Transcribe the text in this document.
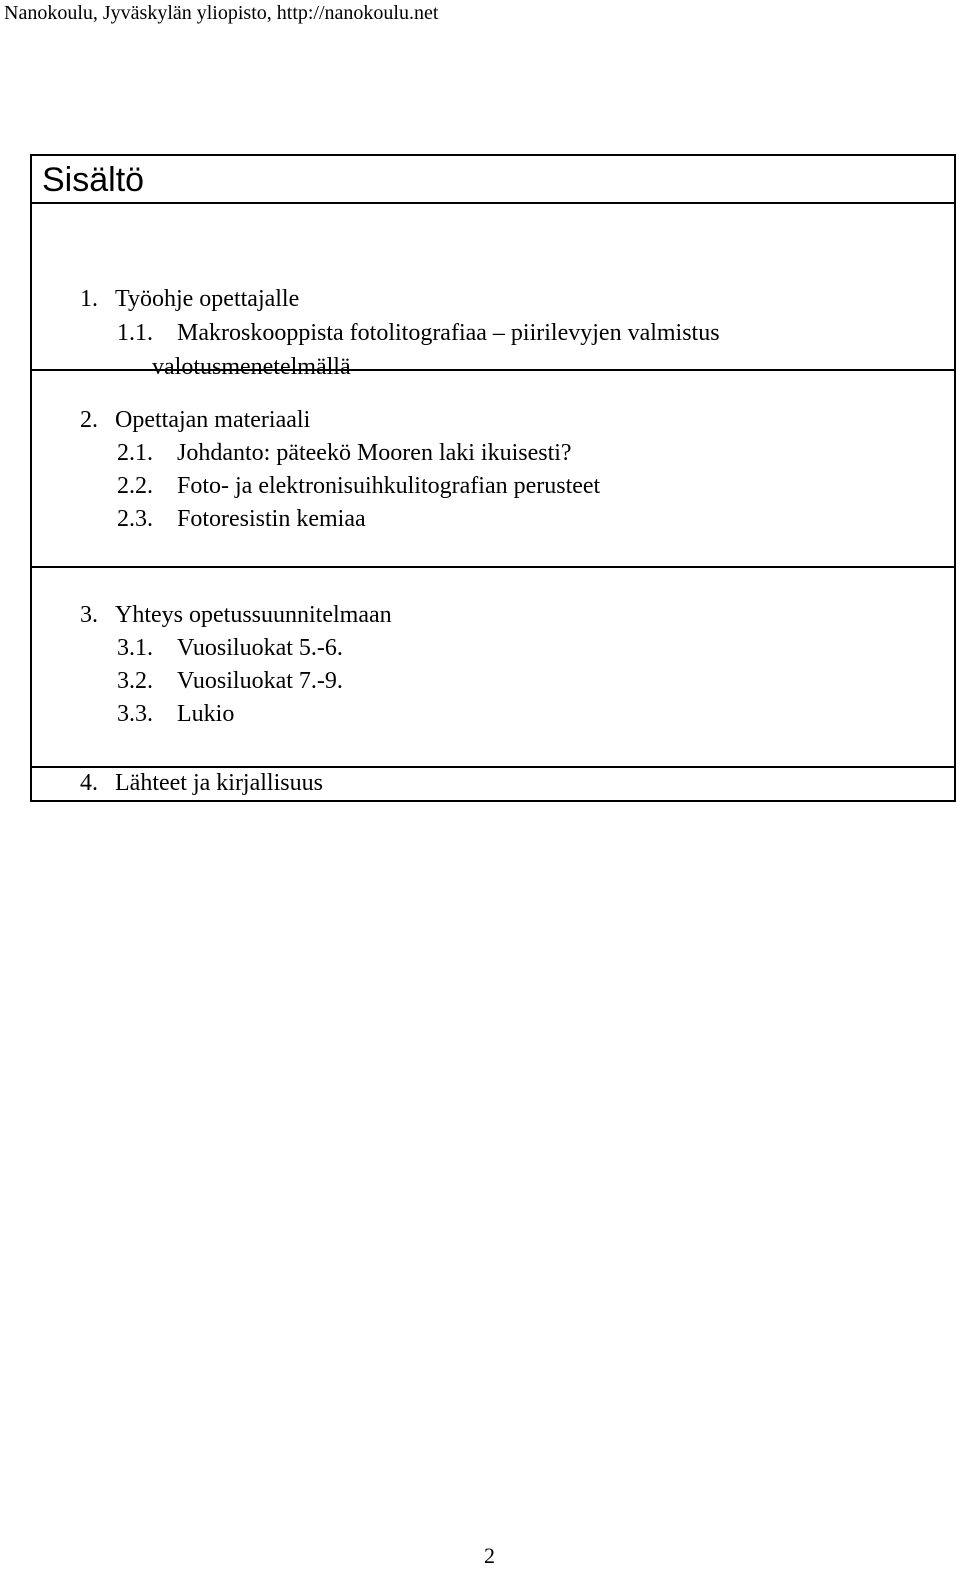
Nanokoulu, Jyväskylän yliopisto, http://nanokoulu.net
Sisältö
1. Työohje opettajalle
1.1. Makroskooppista fotolitografiaa – piirilevyjen valmistus
valotusmenetelmällä
2. Opettajan materiaali
2.1. Johdanto: päteekö Mooren laki ikuisesti?
2.2. Foto- ja elektronisuihkulitografian perusteet
2.3. Fotoresistin kemiaa
3. Yhteys opetussuunnitelmaan
3.1. Vuosiluokat 5.-6.
3.2. Vuosiluokat 7.-9.
3.3. Lukio
4. Lähteet ja kirjallisuus
2
